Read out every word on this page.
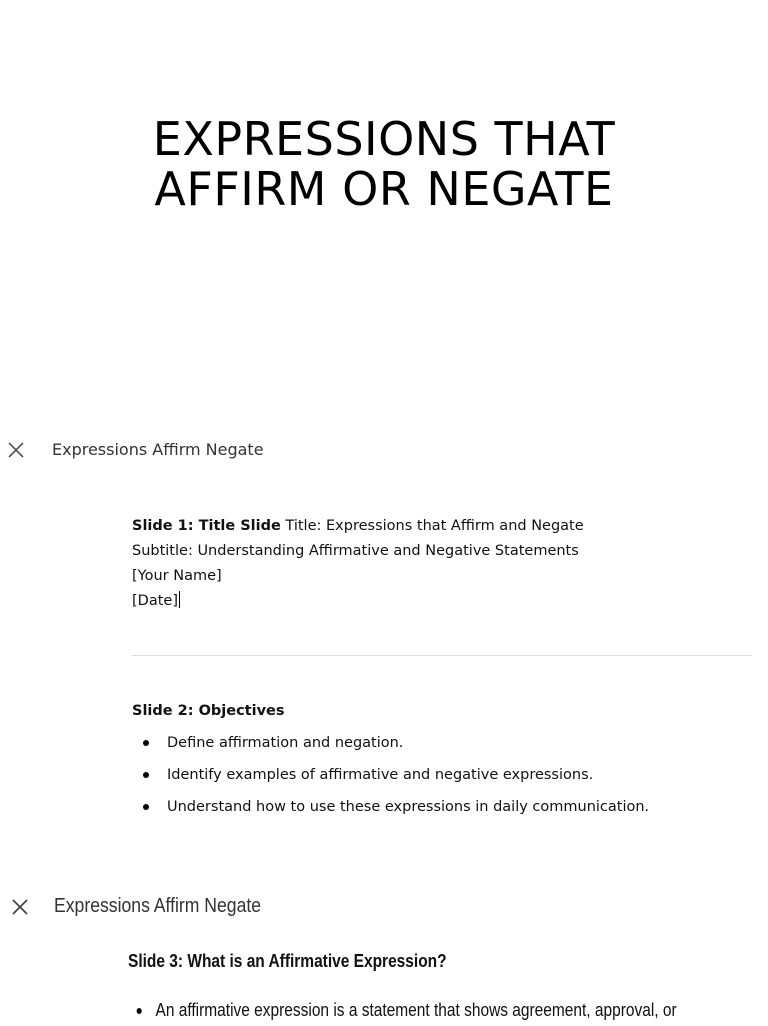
EXPRESSIONS THAT
AFFIRM OR NEGATE
Expressions Affirm Negate
Slide 1: Title Slide Title: Expressions that Affirm and Negate
Subtitle: Understanding Affirmative and Negative Statements
[Your Name]
[Date]
Slide 2: Objectives
Define affirmation and negation.
Identify examples of affirmative and negative expressions.
Understand how to use these expressions in daily communication.
Expressions Affirm Negate
Slide 3: What is an Affirmative Expression?
An affirmative expression is a statement that shows agreement, approval, or
